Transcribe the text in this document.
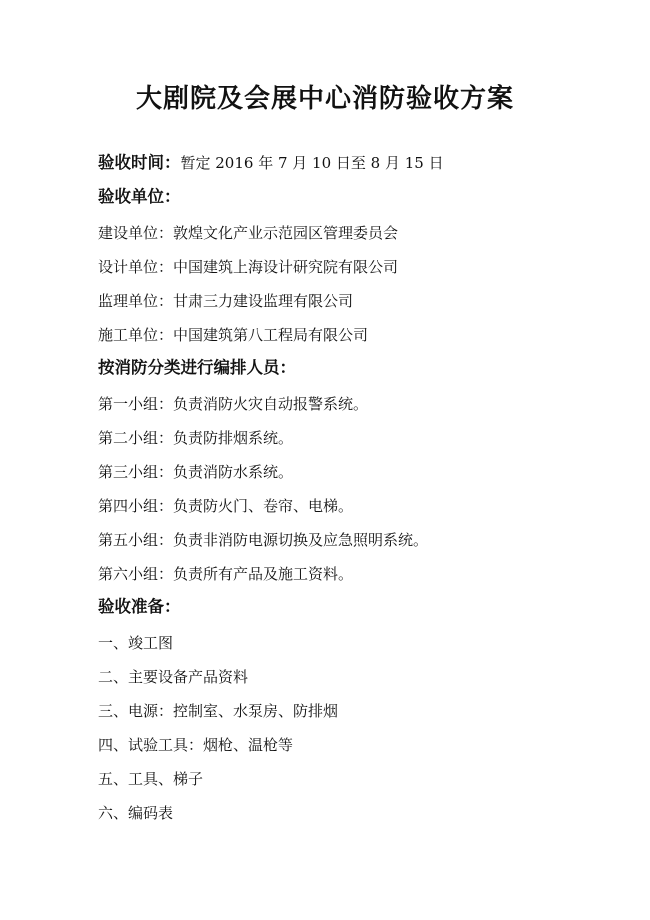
大剧院及会展中心消防验收方案
验收时间：暂定 2016 年 7 月 10 日至 8 月 15 日
验收单位：
建设单位：敦煌文化产业示范园区管理委员会
设计单位：中国建筑上海设计研究院有限公司
监理单位：甘肃三力建设监理有限公司
施工单位：中国建筑第八工程局有限公司
按消防分类进行编排人员：
第一小组：负责消防火灾自动报警系统。
第二小组：负责防排烟系统。
第三小组：负责消防水系统。
第四小组：负责防火门、卷帘、电梯。
第五小组：负责非消防电源切换及应急照明系统。
第六小组：负责所有产品及施工资料。
验收准备：
一、竣工图
二、主要设备产品资料
三、电源：控制室、水泵房、防排烟
四、试验工具：烟枪、温枪等
五、工具、梯子
六、编码表
